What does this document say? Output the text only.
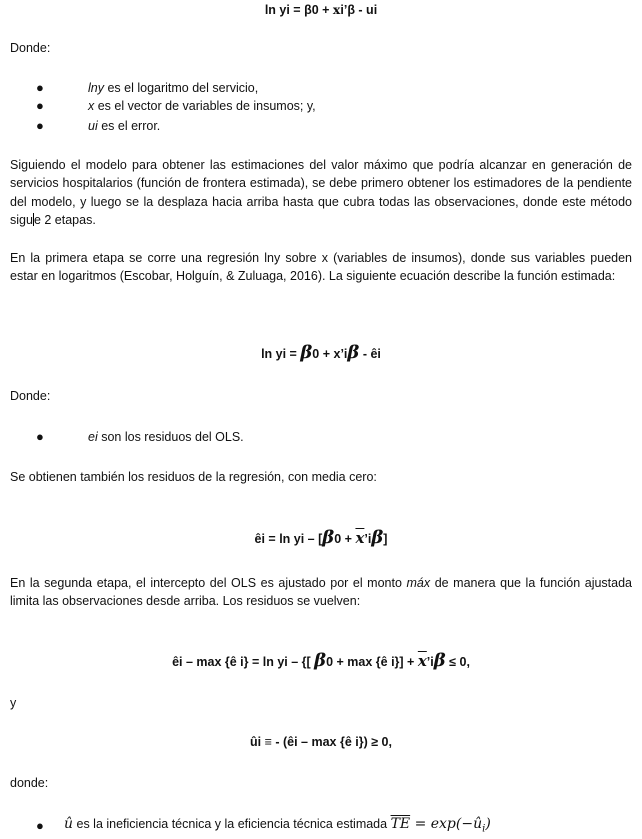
ln yi = β0 + xi’β - ui
Donde:
●	lny es el logaritmo del servicio,
●	x es el vector de variables de insumos; y,
●	ui es el error.
Siguiendo el modelo para obtener las estimaciones del valor máximo que podría alcanzar en generación de servicios hospitalarios (función de frontera estimada), se debe primero obtener los estimadores de la pendiente del modelo, y luego se la desplaza hacia arriba hasta que cubra todas las observaciones, donde este método sigue 2 etapas.
En la primera etapa se corre una regresión lny sobre x (variables de insumos), donde sus variables pueden estar en logaritmos (Escobar, Holguín, & Zuluaga, 2016). La siguiente ecuación describe la función estimada:
ln yi = β0 + x’iβ - êi
Donde:
●	ei son los residuos del OLS.
Se obtienen también los residuos de la regresión, con media cero:
êi = ln yi – $[\beta 0 + \overline{x}’i\beta]$
En la segunda etapa, el intercepto del OLS es ajustado por el monto máx de manera que la función ajustada limita las observaciones desde arriba. Los residuos se vuelven:
êi – max {ê i} = ln yi – {[ β0 + max {ê $i\}] + \overline{x}’i\beta \le 0$,
y
ûi ≡ - (êi – max {ê i}) ≥ 0,
donde:
● û es la ineficiencia técnica y la eficiencia técnica estimada $\overline{TE}$ = $\exp(-û_i)$
